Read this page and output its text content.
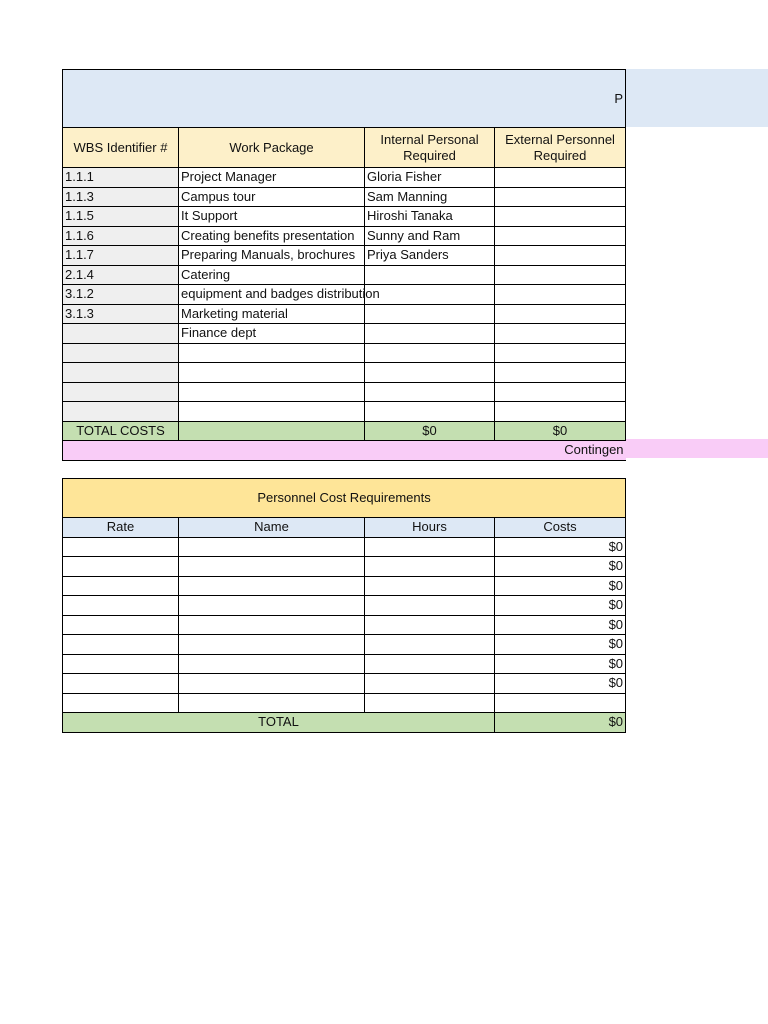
P			
WBS Identifier #	Work Package	Internal Personal Required	External Personnel Required
1.1.1	Project Manager	Gloria Fisher	
1.1.3	Campus tour	Sam Manning	
1.1.5	It Support	Hiroshi Tanaka	
1.1.6	Creating benefits presentation	Sunny and Ram	
1.1.7	Preparing Manuals, brochures	Priya Sanders	
2.1.4	Catering		
3.1.2	equipment and badges distribution		
3.1.3	Marketing material		
	Finance dept		

TOTAL COSTS		$0	$0
Contingen			
Personnel Cost Requirements			
Rate	Name	Hours	Costs
			$0
			$0
			$0
			$0
			$0
			$0
			$0
			$0

TOTAL			$0
